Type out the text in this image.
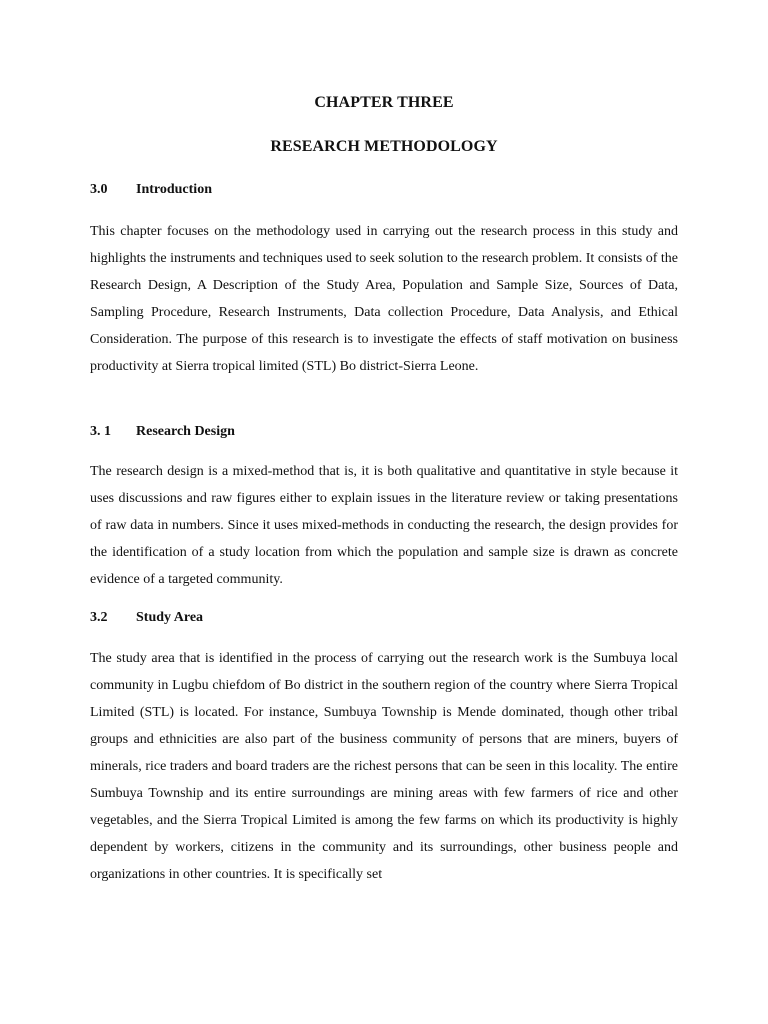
CHAPTER THREE
RESEARCH METHODOLOGY
3.0 Introduction

This chapter focuses on the methodology used in carrying out the research process in this study and highlights the instruments and techniques used to seek solution to the research problem. It consists of the Research Design, A Description of the Study Area, Population and Sample Size, Sources of Data, Sampling Procedure, Research Instruments, Data collection Procedure, Data Analysis, and Ethical Consideration. The purpose of this research is to investigate the effects of staff motivation on business productivity at Sierra tropical limited (STL) Bo district-Sierra Leone.

3. 1 Research Design

The research design is a mixed-method that is, it is both qualitative and quantitative in style because it uses discussions and raw figures either to explain issues in the literature review or taking presentations of raw data in numbers. Since it uses mixed-methods in conducting the research, the design provides for the identification of a study location from which the population and sample size is drawn as concrete evidence of a targeted community.

3.2 Study Area

The study area that is identified in the process of carrying out the research work is the Sumbuya local community in Lugbu chiefdom of Bo district in the southern region of the country where Sierra Tropical Limited (STL) is located. For instance, Sumbuya Township is Mende dominated, though other tribal groups and ethnicities are also part of the business community of persons that are miners, buyers of minerals, rice traders and board traders are the richest persons that can be seen in this locality. The entire Sumbuya Township and its entire surroundings are mining areas with few farmers of rice and other vegetables, and the Sierra Tropical Limited is among the few farms on which its productivity is highly dependent by workers, citizens in the community and its surroundings, other business people and organizations in other countries. It is specifically set
